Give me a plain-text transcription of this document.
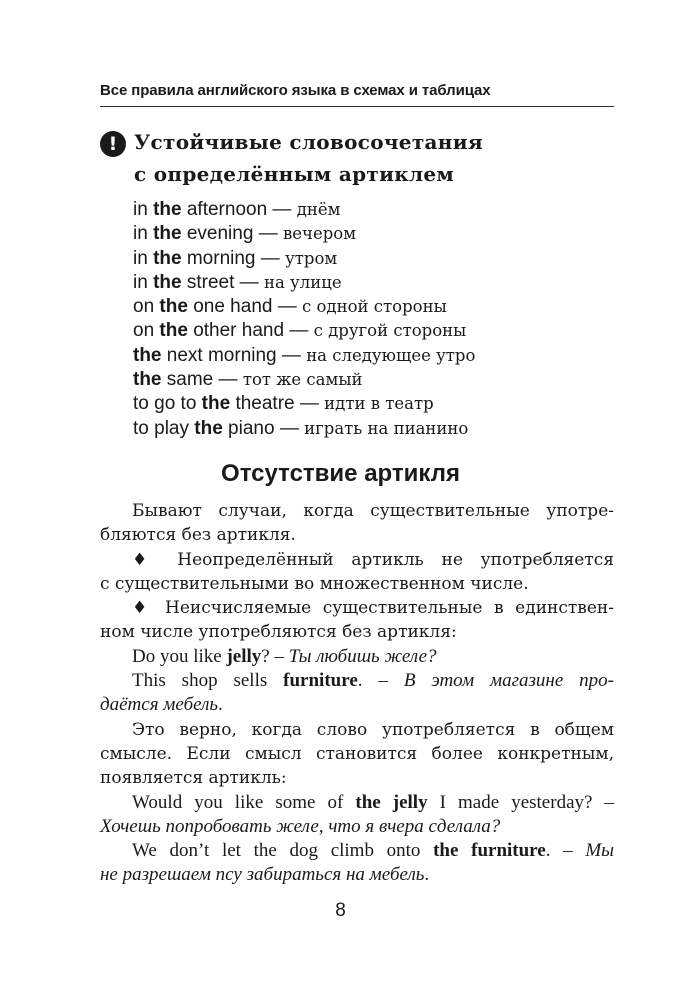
Все правила английского языка в схемах и таблицах
! Устойчивые словосочетания
с определённым артиклем
in the afternoon — днём
in the evening — вечером
in the morning — утром
in the street — на улице
on the one hand — с одной стороны
on the other hand — с другой стороны
the next morning — на следующее утро
the same — тот же самый
to go to the theatre — идти в театр
to play the piano — играть на пианино
Отсутствие артикля

Бывают случаи, когда существительные употре-
бляются без артикля.

♦ Неопределённый артикль не употребляется
с существительными во множественном числе.

♦ Неисчисляемые существительные в единствен-
ном числе употребляются без артикля:

Do you like jelly? – Ты любишь желе?

This shop sells furniture. – В этом магазине про-
даётся мебель.

Это верно, когда слово употребляется в общем
смысле. Если смысл становится более конкретным,
появляется артикль:

Would you like some of the jelly I made yesterday? –
Хочешь попробовать желе, что я вчера сделала?

We don’t let the dog climb onto the furniture. – Мы
не разрешаем псу забираться на мебель.

8
